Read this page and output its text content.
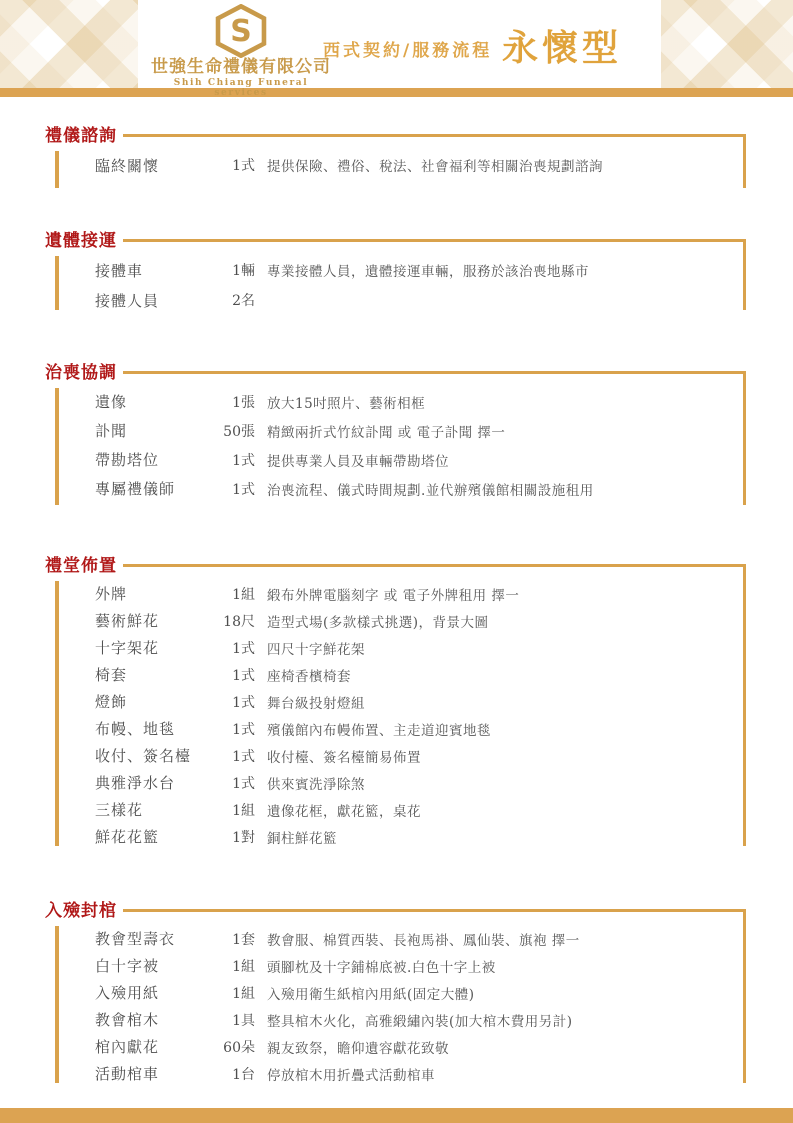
S
世強生命禮儀有限公司
Shih Chiang Funeral services
西式契約/服務流程 永懷型
禮儀諮詢
臨終關懷	1式 提供保險、禮俗、稅法、社會福利等相關治喪規劃諮詢
遺體接運
接體車	1輛 專業接體人員，遺體接運車輛，服務於該治喪地縣市
接體人員	2名
治喪協調
遺像	1張 放大15吋照片、藝術相框
訃聞	50張 精緻兩折式竹紋訃聞 或 電子訃聞 擇一
帶勘塔位	1式 提供專業人員及車輛帶勘塔位
專屬禮儀師	1式 治喪流程、儀式時間規劃.並代辦殯儀館相關設施租用
禮堂佈置
外牌	1組 緞布外牌電腦刻字 或 電子外牌租用 擇一
藝術鮮花	18尺 造型式場(多款樣式挑選)，背景大圖
十字架花	1式 四尺十字鮮花架
椅套	1式 座椅香檳椅套
燈飾	1式 舞台級投射燈組
布幔、地毯	1式 殯儀館內布幔佈置、主走道迎賓地毯
收付、簽名檯	1式 收付檯、簽名檯簡易佈置
典雅淨水台	1式 供來賓洗淨除煞
三樣花	1組 遺像花框，獻花籃，桌花
鮮花花籃	1對 銅柱鮮花籃
入殮封棺
教會型壽衣	1套 教會服、棉質西裝、長袍馬褂、鳳仙裝、旗袍 擇一
白十字被	1組 頭腳枕及十字鋪棉底被.白色十字上被
入殮用紙	1組 入殮用衛生紙棺內用紙(固定大體)
教會棺木	1具 整具棺木火化，高雅緞繡內裝(加大棺木費用另計)
棺內獻花	60朵 親友致祭，瞻仰遺容獻花致敬
活動棺車	1台 停放棺木用折疊式活動棺車
